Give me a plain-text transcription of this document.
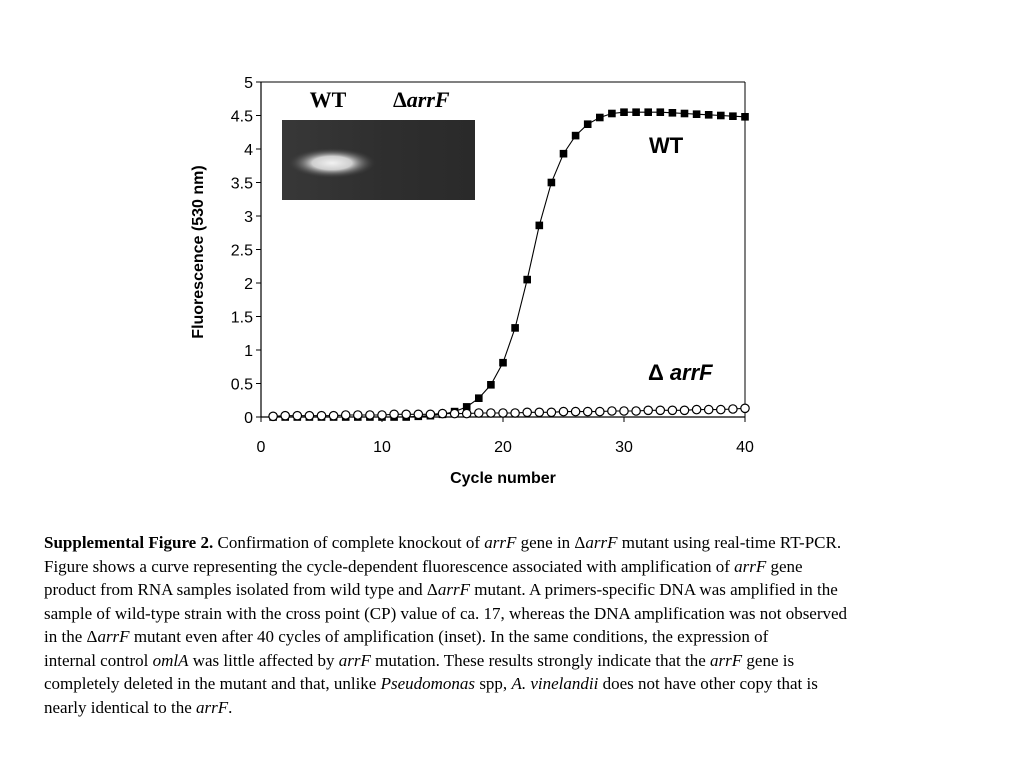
0	10	20	30	40
0
0.5
1
1.5
2
2.5
3
3.5
4
4.5
5
Cycle number
Fluorescence (530 nm)
WT ΔarrF
WT
Δ arrF
Supplemental Figure 2. Confirmation of complete knockout of arrF gene in ΔarrF mutant using real-time RT-PCR.
Figure shows a curve representing the cycle-dependent fluorescence associated with amplification of arrF gene
product from RNA samples isolated from wild type and ΔarrF mutant. A primers-specific DNA was amplified in the
sample of wild-type strain with the cross point (CP) value of ca. 17, whereas the DNA amplification was not observed
in the ΔarrF mutant even after 40 cycles of amplification (inset). In the same conditions, the expression of
internal control omlA was little affected by arrF mutation. These results strongly indicate that the arrF gene is
completely deleted in the mutant and that, unlike Pseudomonas spp, A. vinelandii does not have other copy that is
nearly identical to the arrF.
